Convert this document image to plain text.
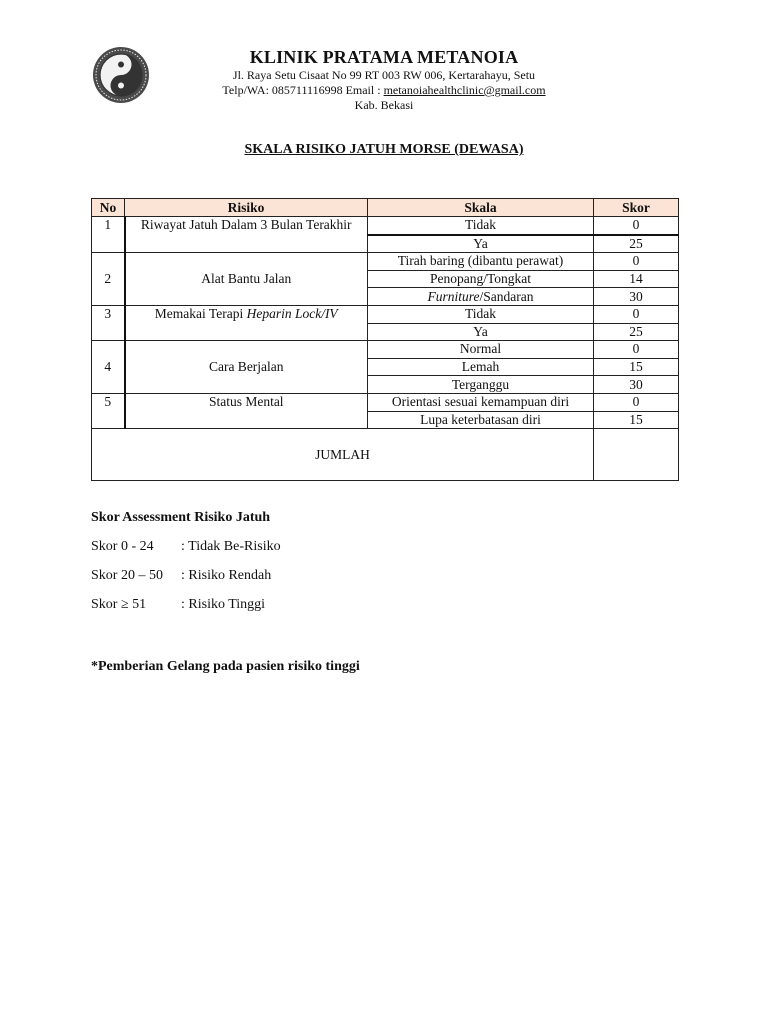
KLINIK PRATAMA METANOIA
Jl. Raya Setu Cisaat No 99 RT 003 RW 006, Kertarahayu, Setu
Telp/WA: 085711116998 Email : metanoiahealthclinic@gmail.com
Kab. Bekasi
SKALA RISIKO JATUH MORSE (DEWASA)
No	Risiko	Skala	Skor
1	Riwayat Jatuh Dalam 3 Bulan Terakhir	Tidak	0
		Ya	25
2	Alat Bantu Jalan	Tirah baring (dibantu perawat)	0
		Penopang/Tongkat	14
		Furniture/Sandaran	30
3	Memakai Terapi Heparin Lock/IV	Tidak	0
		Ya	25
4	Cara Berjalan	Normal	0
		Lemah	15
		Terganggu	30
5	Status Mental	Orientasi sesuai kemampuan diri	0
		Lupa keterbatasan diri	15
JUMLAH			
Skor Assessment Risiko Jatuh
Skor 0 - 24	: Tidak Be-Risiko
Skor 20 – 50	: Risiko Rendah
Skor ≥ 51	: Risiko Tinggi
*Pemberian Gelang pada pasien risiko tinggi
